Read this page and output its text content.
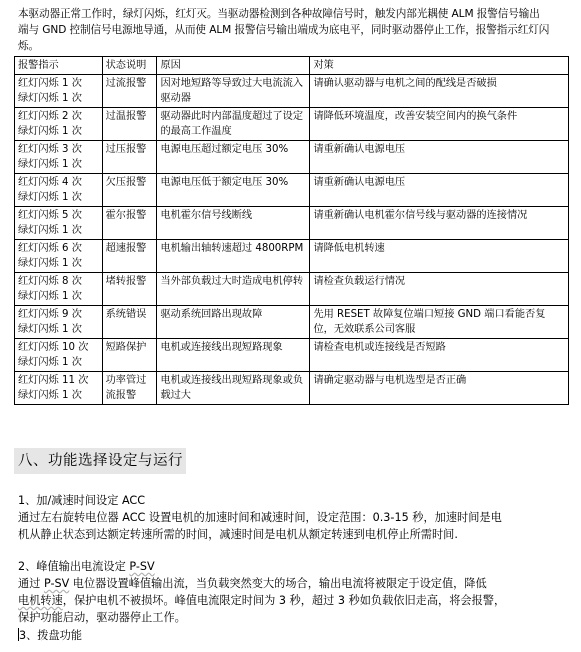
本驱动器正常工作时，绿灯闪烁，红灯灭。当驱动器检测到各种故障信号时，触发内部光耦使 ALM 报警信号输出
端与 GND 控制信号电源地导通，从而使 ALM 报警信号输出端成为底电平，同时驱动器停止工作，报警指示红灯闪
烁。
报警指示	状态说明	原因	对策

红灯闪烁 1 次
绿灯闪烁 1 次	过流报警	因对地短路等导致过大电流流入驱动器	请确认驱动器与电机之间的配线是否破损

红灯闪烁 2 次
绿灯闪烁 1 次	过温报警	驱动器此时内部温度超过了设定的最高工作温度	请降低环境温度，改善安装空间内的换气条件

红灯闪烁 3 次
绿灯闪烁 1 次	过压报警	电源电压超过额定电压 30%	请重新确认电源电压

红灯闪烁 4 次
绿灯闪烁 1 次	欠压报警	电源电压低于额定电压 30%	请重新确认电源电压

红灯闪烁 5 次
绿灯闪烁 1 次	霍尔报警	电机霍尔信号线断线	请重新确认电机霍尔信号线与驱动器的连接情况

红灯闪烁 6 次
绿灯闪烁 1 次	超速报警	电机输出轴转速超过 4800RPM	请降低电机转速

红灯闪烁 8 次
绿灯闪烁 1 次	堵转报警	当外部负载过大时造成电机停转	请检查负载运行情况

红灯闪烁 9 次
绿灯闪烁 1 次	系统错误	驱动系统回路出现故障	先用 RESET 故障复位端口短接 GND 端口看能否复位，无效联系公司客服

红灯闪烁 10 次
绿灯闪烁 1 次	短路保护	电机或连接线出现短路现象	请检查电机或连接线是否短路

红灯闪烁 11 次
绿灯闪烁 1 次	功率管过流报警	电机或连接线出现短路现象或负载过大	请确定驱动器与电机选型是否正确
八、功能选择设定与运行
1、加/减速时间设定 ACC
通过左右旋转电位器 ACC 设置电机的加速时间和减速时间，设定范围：0.3-15 秒，加速时间是电
机从静止状态到达额定转速所需的时间，减速时间是电机从额定转速到电机停止所需时间.
2、峰值输出电流设定 P-SV
通过 P-SV 电位器设置峰值输出流，当负载突然变大的场合，输出电流将被限定于设定值，降低
电机转速，保护电机不被损坏。峰值电流限定时间为 3 秒，超过 3 秒如负载依旧走高，将会报警，
保护功能启动，驱动器停止工作。
3、拨盘功能
